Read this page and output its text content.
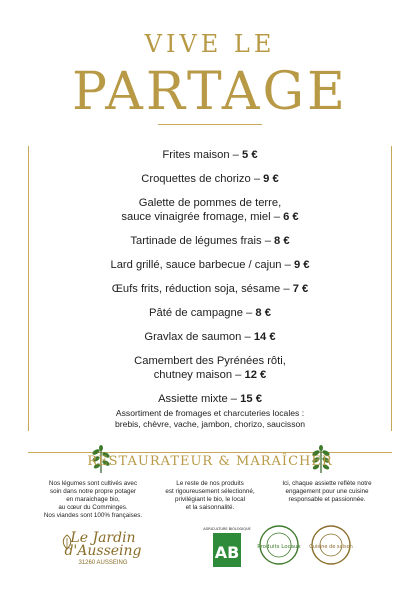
VIVE LE
PARTAGE
Frites maison – 5 €
Croquettes de chorizo – 9 €
Galette de pommes de terre,
sauce vinaigrée fromage, miel – 6 €
Tartinade de légumes frais – 8 €
Lard grillé, sauce barbecue / cajun – 9 €
Œufs frits, réduction soja, sésame – 7 €
Pâté de campagne – 8 €
Gravlax de saumon – 14 €
Camembert des Pyrénées rôti,
chutney maison – 12 €
Assiette mixte – 15 €
Assortiment de fromages et charcuteries locales :
brebis, chèvre, vache, jambon, chorizo, saucisson
RESTAURATEUR & MARAÎCHER
Nos légumes sont cultivés avec
soin dans notre propre potager
en maraichage bio,
au cœur du Comminges.
Nos viandes sont 100% françaises.
Le reste de nos produits
est rigoureusement sélectionné,
privilégiant le bio, le local
et la saisonnalité.
Ici, chaque assiette reflète notre
engagement pour une cuisine
responsable et passionnée.
Le Jardin
d'Ausseing
31260 AUSSEING
AGRICULTURE BIOLOGIQUE
AB	Produits Locaux Cuisine de saison
